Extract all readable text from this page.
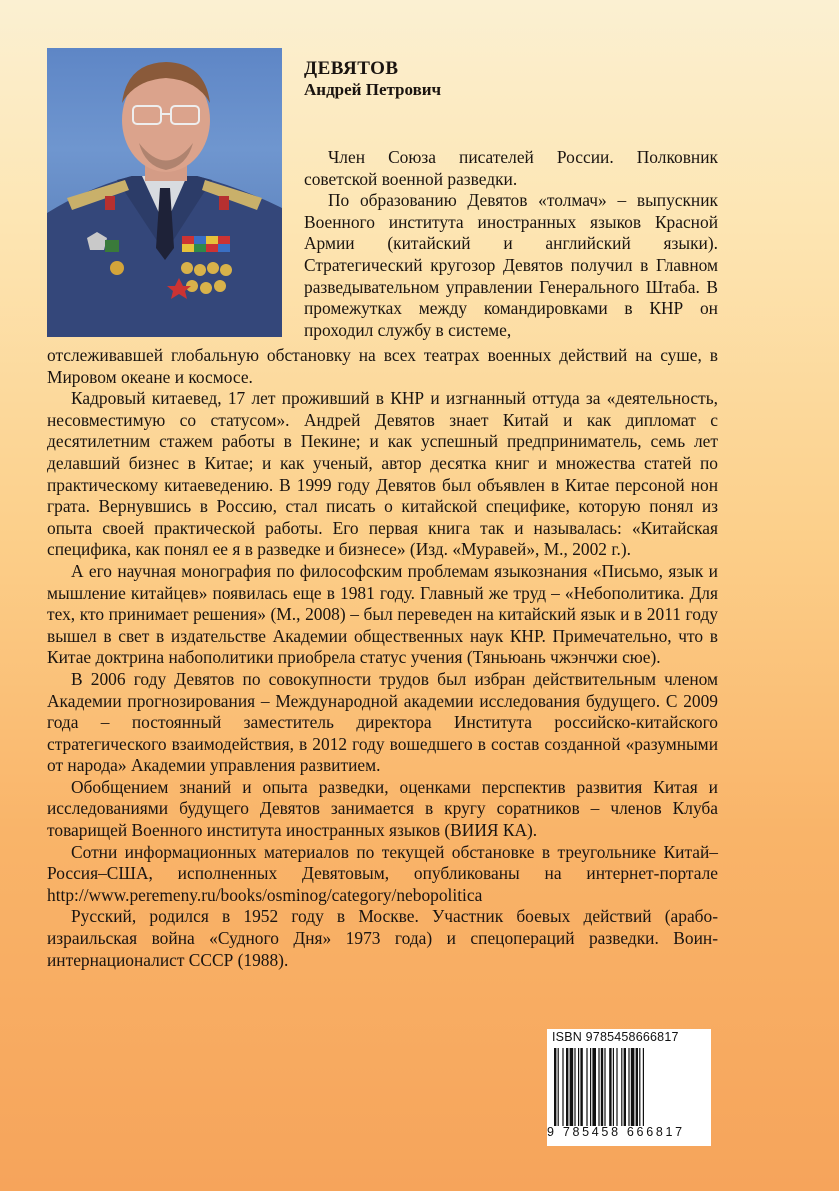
ДЕВЯТОВ
Андрей Петрович

Член Союза писателей России. Полковник советской военной разведки.

По образованию Девятов «толмач» – выпускник Военного института иностранных языков Красной Армии (китайский и английский языки). Стратегический кругозор Девятов получил в Главном разведывательном управлении Генерального Штаба. В промежутках между командировками в КНР он проходил службу в системе,

отслеживавшей глобальную обстановку на всех театрах военных действий на суше, в Мировом океане и космосе.

Кадровый китаевед, 17 лет проживший в КНР и изгнанный оттуда за «деятельность, несовместимую со статусом». Андрей Девятов знает Китай и как дипломат с десятилетним стажем работы в Пекине; и как успешный предприниматель, семь лет делавший бизнес в Китае; и как ученый, автор десятка книг и множества статей по практическому китаеведению. В 1999 году Девятов был объявлен в Китае персоной нон грата. Вернувшись в Россию, стал писать о китайской специфике, которую понял из опыта своей практической работы. Его первая книга так и называлась: «Китайская специфика, как понял ее я в разведке и бизнесе» (Изд. «Муравей», М., 2002 г.).

А его научная монография по философским проблемам языкознания «Письмо, язык и мышление китайцев» появилась еще в 1981 году. Главный же труд – «Небополитика. Для тех, кто принимает решения» (М., 2008) – был переведен на китайский язык и в 2011 году вышел в свет в издательстве Академии общественных наук КНР. Примечательно, что в Китае доктрина набополитики приобрела статус учения (Тяньюань чжэнчжи сюе).

В 2006 году Девятов по совокупности трудов был избран действительным членом Академии прогнозирования – Международной академии исследования будущего. С 2009 года – постоянный заместитель директора Института российско-китайского стратегического взаимодействия, в 2012 году вошедшего в состав созданной «разумными от народа» Академии управления развитием.

Обобщением знаний и опыта разведки, оценками перспектив развития Китая и исследованиями будущего Девятов занимается в кругу соратников – членов Клуба товарищей Военного института иностранных языков (ВИИЯ КА).

Сотни информационных материалов по текущей обстановке в треугольнике Китай–Россия–США, исполненных Девятовым, опубликованы на интернет-портале http://www.peremeny.ru/books/osminog/category/nebopolitica

Русский, родился в 1952 году в Москве. Участник боевых действий (арабо-израильская война «Судного Дня» 1973 года) и спецопераций разведки. Воин-интернационалист СССР (1988).

ISBN 9785458666817
9 785458 666817
